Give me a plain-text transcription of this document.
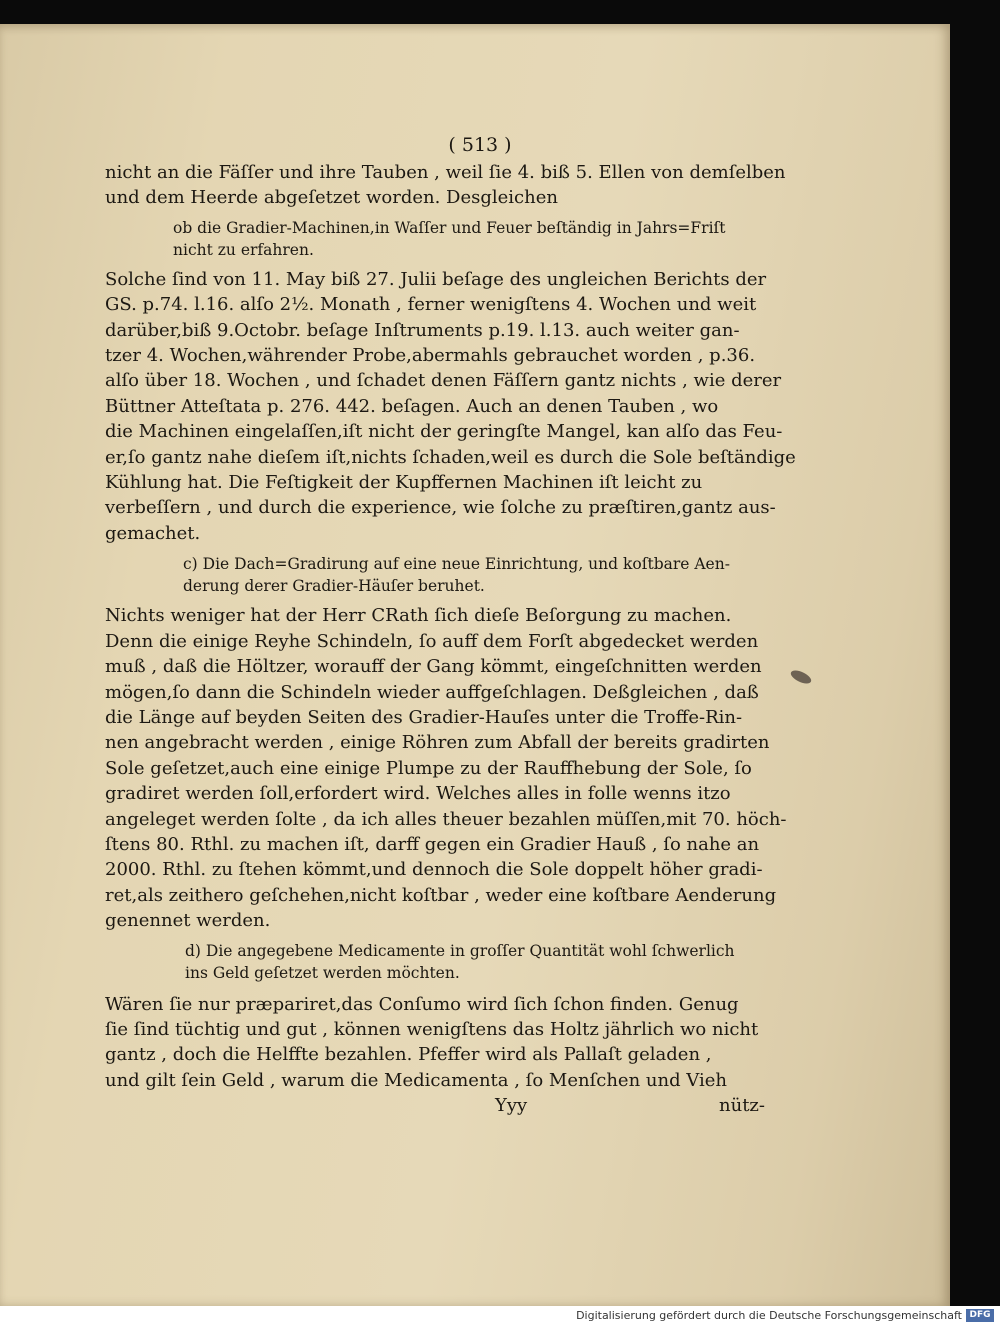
( 513 )
nicht an die Fäſſer und ihre Tauben , weil ſie 4. biß 5. Ellen von demſelben
und dem Heerde abgeſetzet worden. Desgleichen
ob die Gradier-Machinen,in Waſſer und Feuer beſtändig in Jahrs=Friſt
nicht zu erfahren.
Solche ſind von 11. May biß 27. Julii beſage des ungleichen Berichts der
GS. p.74. l.16. alſo 2½. Monath , ferner wenigſtens 4. Wochen und weit
darüber,biß 9.Octobr. beſage Inſtruments p.19. l.13. auch weiter gan-
tzer 4. Wochen,währender Probe,abermahls gebrauchet worden , p.36.
alſo über 18. Wochen , und ſchadet denen Fäſſern gantz nichts , wie derer
Büttner Atteſtata p. 276. 442. beſagen. Auch an denen Tauben , wo
die Machinen eingelaſſen,iſt nicht der geringſte Mangel, kan alſo das Feu-
er,ſo gantz nahe dieſem iſt,nichts ſchaden,weil es durch die Sole beſtändige
Kühlung hat. Die Feſtigkeit der Kupffernen Machinen iſt leicht zu
verbeſſern , und durch die experience, wie ſolche zu præſtiren,gantz aus-
gemachet.
c) Die Dach=Gradirung auf eine neue Einrichtung, und koſtbare Aen-
derung derer Gradier-Häuſer beruhet.
Nichts weniger hat der Herr CRath ſich dieſe Beſorgung zu machen.
Denn die einige Reyhe Schindeln, ſo auff dem Forſt abgedecket werden
muß , daß die Höltzer, worauff der Gang kömmt, eingeſchnitten werden
mögen,ſo dann die Schindeln wieder auffgeſchlagen. Deßgleichen , daß
die Länge auf beyden Seiten des Gradier-Hauſes unter die Troffe-Rin-
nen angebracht werden , einige Röhren zum Abfall der bereits gradirten
Sole geſetzet,auch eine einige Plumpe zu der Rauffhebung der Sole, ſo
gradiret werden ſoll,erfordert wird. Welches alles in folle wenns itzo
angeleget werden ſolte , da ich alles theuer bezahlen müſſen,mit 70. höch-
ſtens 80. Rthl. zu machen iſt, darff gegen ein Gradier Hauß , ſo nahe an
2000. Rthl. zu ſtehen kömmt,und dennoch die Sole doppelt höher gradi-
ret,als zeithero geſchehen,nicht koſtbar , weder eine koſtbare Aenderung
genennet werden.
d) Die angegebene Medicamente in groſſer Quantität wohl ſchwerlich
ins Geld geſetzet werden möchten.
Wären ſie nur præpariret,das Conſumo wird ſich ſchon finden. Genug
ſie ſind tüchtig und gut , können wenigſtens das Holtz jährlich wo nicht
gantz , doch die Helffte bezahlen. Pfeffer wird als Pallaſt geladen ,
und gilt ſein Geld , warum die Medicamenta , ſo Menſchen und Vieh
Yyy	nütz-
Digitalisierung gefördert durch die Deutsche Forschungsgemeinschaft DFG
